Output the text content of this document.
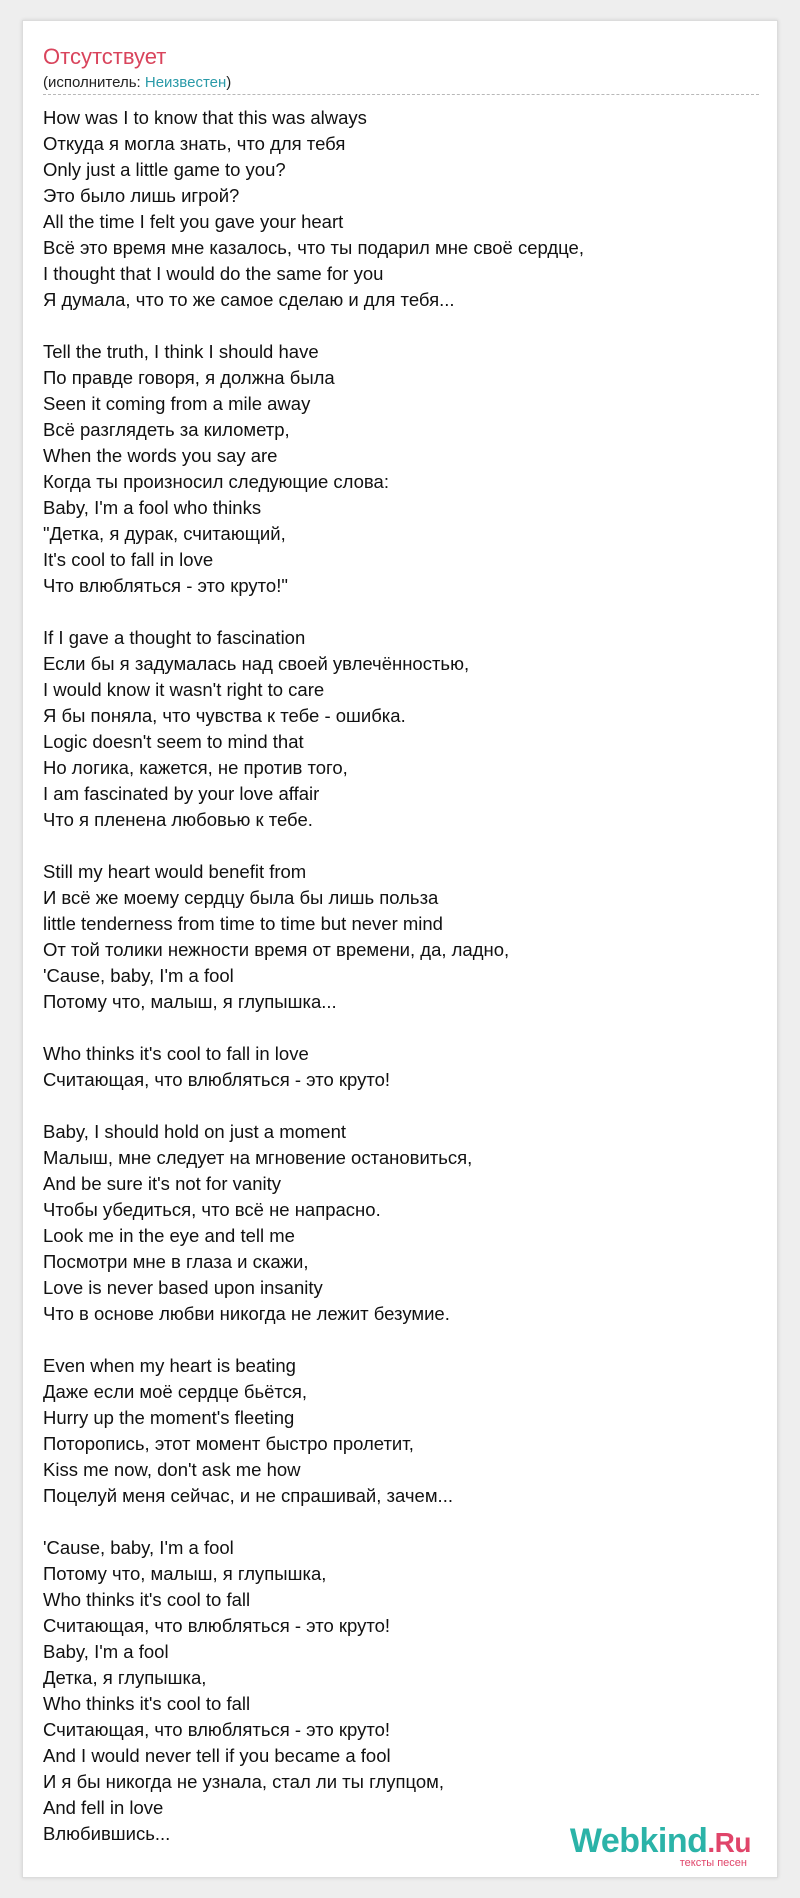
Отсутствует
(исполнитель: Неизвестен)
How was I to know that this was always
Откуда я могла знать, что для тебя
Only just a little game to you?
Это было лишь игрой?
All the time I felt you gave your heart
Всё это время мне казалось, что ты подарил мне своё сердце,
I thought that I would do the same for you
Я думала, что то же самое сделаю и для тебя...
Tell the truth, I think I should have
По правде говоря, я должна была
Seen it coming from a mile away
Всё разглядеть за километр,
When the words you say are
Когда ты произносил следующие слова:
Baby, I'm a fool who thinks
"Детка, я дурак, считающий,
It's cool to fall in love
Что влюбляться - это круто!"
If I gave a thought to fascination
Если бы я задумалась над своей увлечённостью,
I would know it wasn't right to care
Я бы поняла, что чувства к тебе - ошибка.
Logic doesn't seem to mind that
Но логика, кажется, не против того,
I am fascinated by your love affair
Что я пленена любовью к тебе.
Still my heart would benefit from
И всё же моему сердцу была бы лишь польза
little tenderness from time to time but never mind
От той толики нежности время от времени, да, ладно,
'Cause, baby, I'm a fool
Потому что, малыш, я глупышка...
Who thinks it's cool to fall in love
Считающая, что влюбляться - это круто!
Baby, I should hold on just a moment
Малыш, мне следует на мгновение остановиться,
And be sure it's not for vanity
Чтобы убедиться, что всё не напрасно.
Look me in the eye and tell me
Посмотри мне в глаза и скажи,
Love is never based upon insanity
Что в основе любви никогда не лежит безумие.
Even when my heart is beating
Даже если моё сердце бьётся,
Hurry up the moment's fleeting
Поторопись, этот момент быстро пролетит,
Kiss me now, don't ask me how
Поцелуй меня сейчас, и не спрашивай, зачем...
'Cause, baby, I'm a fool
Потому что, малыш, я глупышка,
Who thinks it's cool to fall
Считающая, что влюбляться - это круто!
Baby, I'm a fool
Детка, я глупышка,
Who thinks it's cool to fall
Считающая, что влюбляться - это круто!
And I would never tell if you became a fool
И я бы никогда не узнала, стал ли ты глупцом,
And fell in love
Влюбившись...	Webkind.Ru
тексты песен
